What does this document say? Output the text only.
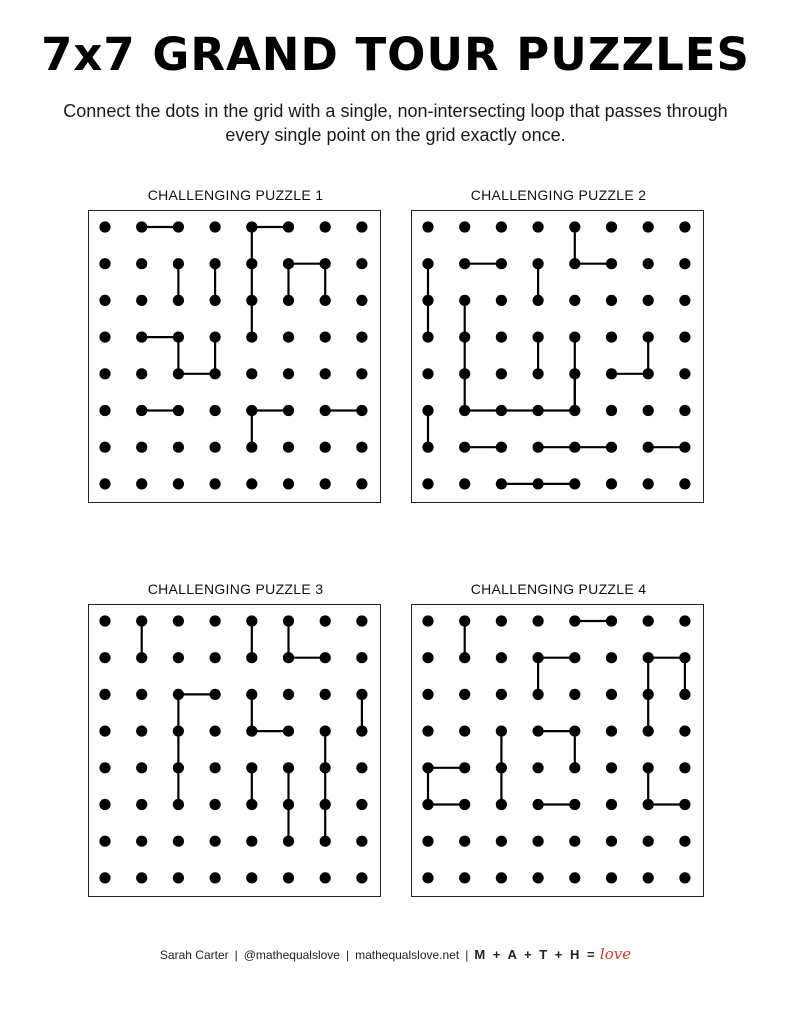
7x7 GRAND TOUR PUZZLES
Connect the dots in the grid with a single, non-intersecting loop that passes through every single point on the grid exactly once.
CHALLENGING PUZZLE 1	CHALLENGING PUZZLE 2
CHALLENGING PUZZLE 3	CHALLENGING PUZZLE 4
Sarah Carter | @mathequalslove | mathequalslove.net | M + A + T + H = love
